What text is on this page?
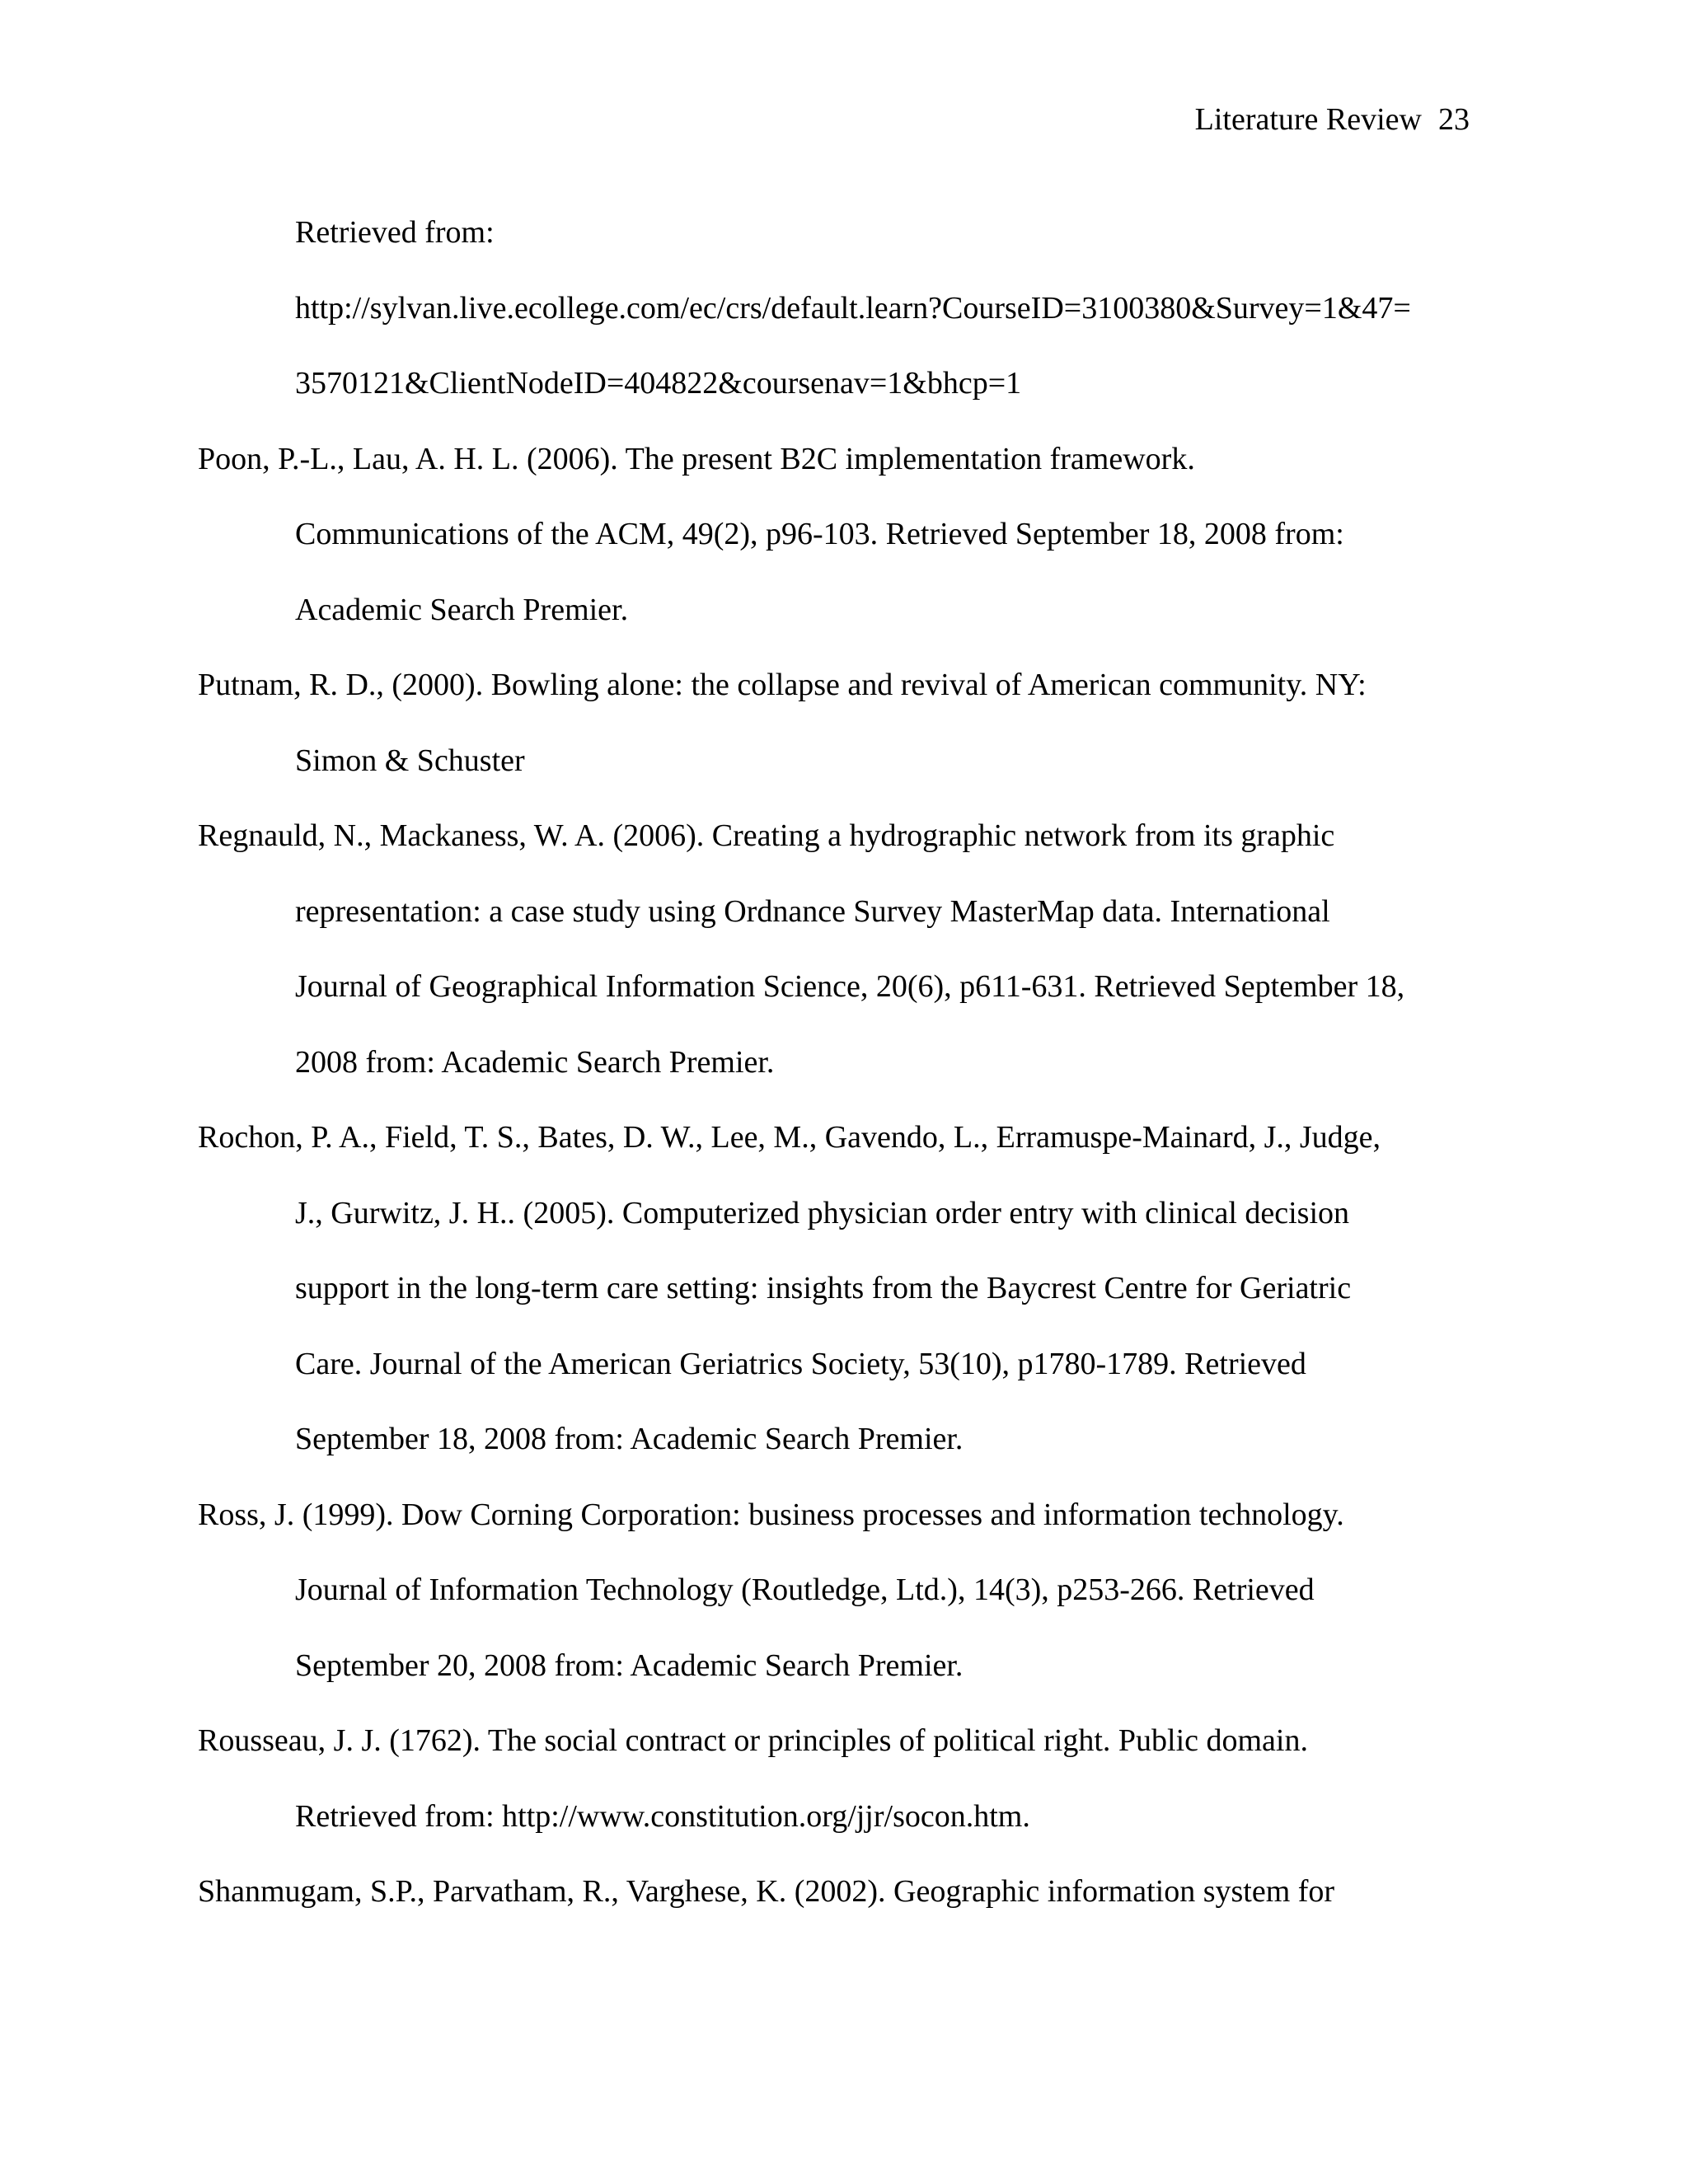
Literature Review 23
Retrieved from:
http://sylvan.live.ecollege.com/ec/crs/default.learn?CourseID=3100380&Survey=1&47=
3570121&ClientNodeID=404822&coursenav=1&bhcp=1
Poon, P.-L., Lau, A. H. L. (2006). The present B2C implementation framework.
Communications of the ACM, 49(2), p96-103. Retrieved September 18, 2008 from:
Academic Search Premier.
Putnam, R. D., (2000). Bowling alone: the collapse and revival of American community. NY:
Simon & Schuster
Regnauld, N., Mackaness, W. A. (2006). Creating a hydrographic network from its graphic
representation: a case study using Ordnance Survey MasterMap data. International
Journal of Geographical Information Science, 20(6), p611-631. Retrieved September 18,
2008 from: Academic Search Premier.
Rochon, P. A., Field, T. S., Bates, D. W., Lee, M., Gavendo, L., Erramuspe-Mainard, J., Judge,
J., Gurwitz, J. H.. (2005). Computerized physician order entry with clinical decision
support in the long-term care setting: insights from the Baycrest Centre for Geriatric
Care. Journal of the American Geriatrics Society, 53(10), p1780-1789. Retrieved
September 18, 2008 from: Academic Search Premier.
Ross, J. (1999). Dow Corning Corporation: business processes and information technology.
Journal of Information Technology (Routledge, Ltd.), 14(3), p253-266. Retrieved
September 20, 2008 from: Academic Search Premier.
Rousseau, J. J. (1762). The social contract or principles of political right. Public domain.
Retrieved from: http://www.constitution.org/jjr/socon.htm.
Shanmugam, S.P., Parvatham, R., Varghese, K. (2002). Geographic information system for
